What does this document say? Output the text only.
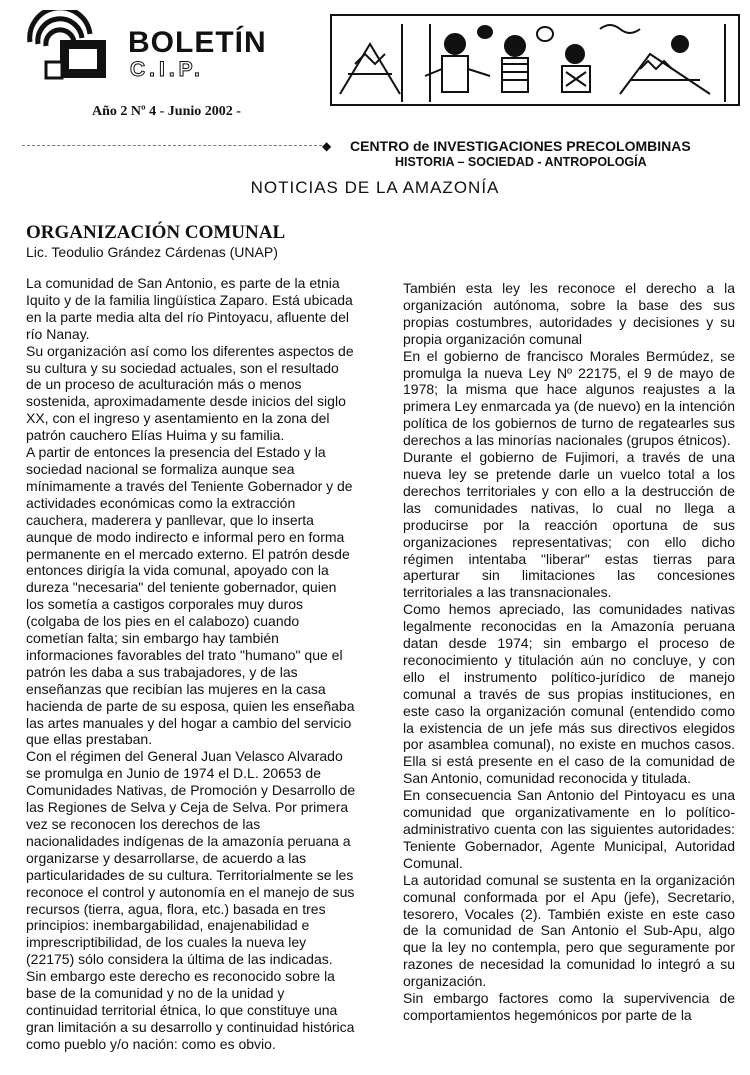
BOLETÍN
C.I.P.
Año 2 Nº 4 - Junio 2002 -
◆ CENTRO de INVESTIGACIONES PRECOLOMBINAS
HISTORIA – SOCIEDAD - ANTROPOLOGÍA
NOTICIAS DE LA AMAZONÍA
ORGANIZACIÓN COMUNAL
Lic. Teodulio Grández Cárdenas (UNAP)

La comunidad de San Antonio, es parte de la etnia Iquito y de la familia lingüística Zaparo. Está ubicada en la parte media alta del río Pintoyacu, afluente del río Nanay.

Su organización así como los diferentes aspectos de su cultura y su sociedad actuales, son el resultado de un proceso de aculturación más o menos sostenida, aproximadamente desde inicios del siglo XX, con el ingreso y asentamiento en la zona del patrón cauchero Elías Huima y su familia.

A partir de entonces la presencia del Estado y la sociedad nacional se formaliza aunque sea mínimamente a través del Teniente Gobernador y de actividades económicas como la extracción cauchera, maderera y panllevar, que lo inserta aunque de modo indirecto e informal pero en forma permanente en el mercado externo. El patrón desde entonces dirigía la vida comunal, apoyado con la dureza "necesaria" del teniente gobernador, quien los sometía a castigos corporales muy duros (colgaba de los pies en el calabozo) cuando cometían falta; sin embargo hay también informaciones favorables del trato "humano" que el patrón les daba a sus trabajadores, y de las enseñanzas que recibían las mujeres en la casa hacienda de parte de su esposa, quien les enseñaba las artes manuales y del hogar a cambio del servicio que ellas prestaban.

Con el régimen del General Juan Velasco Alvarado se promulga en Junio de 1974 el D.L. 20653 de Comunidades Nativas, de Promoción y Desarrollo de las Regiones de Selva y Ceja de Selva. Por primera vez se reconocen los derechos de las nacionalidades indígenas de la amazonía peruana a organizarse y desarrollarse, de acuerdo a las particularidades de su cultura. Territorialmente se les reconoce el control y autonomía en el manejo de sus recursos (tierra, agua, flora, etc.) basada en tres principios: inembargabilidad, enajenabilidad e imprescriptibilidad, de los cuales la nueva ley (22175) sólo considera la última de las indicadas.

Sin embargo este derecho es reconocido sobre la base de la comunidad y no de la unidad y continuidad territorial étnica, lo que constituye una gran limitación a su desarrollo y continuidad histórica como pueblo y/o nación: como es obvio.

También esta ley les reconoce el derecho a la organización autónoma, sobre la base des sus propias costumbres, autoridades y decisiones y su propia organización comunal

En el gobierno de francisco Morales Bermúdez, se promulga la nueva Ley Nº 22175, el 9 de mayo de 1978; la misma que hace algunos reajustes a la primera Ley enmarcada ya (de nuevo) en la intención política de los gobiernos de turno de regatearles sus derechos a las minorías nacionales (grupos étnicos).

Durante el gobierno de Fujimori, a través de una nueva ley se pretende darle un vuelco total a los derechos territoriales y con ello a la destrucción de las comunidades nativas, lo cual no llega a producirse por la reacción oportuna de sus organizaciones representativas; con ello dicho régimen intentaba "liberar" estas tierras para aperturar sin limitaciones las concesiones territoriales a las transnacionales.

Como hemos apreciado, las comunidades nativas legalmente reconocidas en la Amazonía peruana datan desde 1974; sin embargo el proceso de reconocimiento y titulación aún no concluye, y con ello el instrumento político-jurídico de manejo comunal a través de sus propias instituciones, en este caso la organización comunal (entendido como la existencia de un jefe más sus directivos elegidos por asamblea comunal), no existe en muchos casos. Ella si está presente en el caso de la comunidad de San Antonio, comunidad reconocida y titulada.

En consecuencia San Antonio del Pintoyacu es una comunidad que organizativamente en lo político-administrativo cuenta con las siguientes autoridades: Teniente Gobernador, Agente Municipal, Autoridad Comunal.

La autoridad comunal se sustenta en la organización comunal conformada por el Apu (jefe), Secretario, tesorero, Vocales (2). También existe en este caso de la comunidad de San Antonio el Sub-Apu, algo que la ley no contempla, pero que seguramente por razones de necesidad la comunidad lo integró a su organización.

Sin embargo factores como la supervivencia de comportamientos hegemónicos por parte de la
